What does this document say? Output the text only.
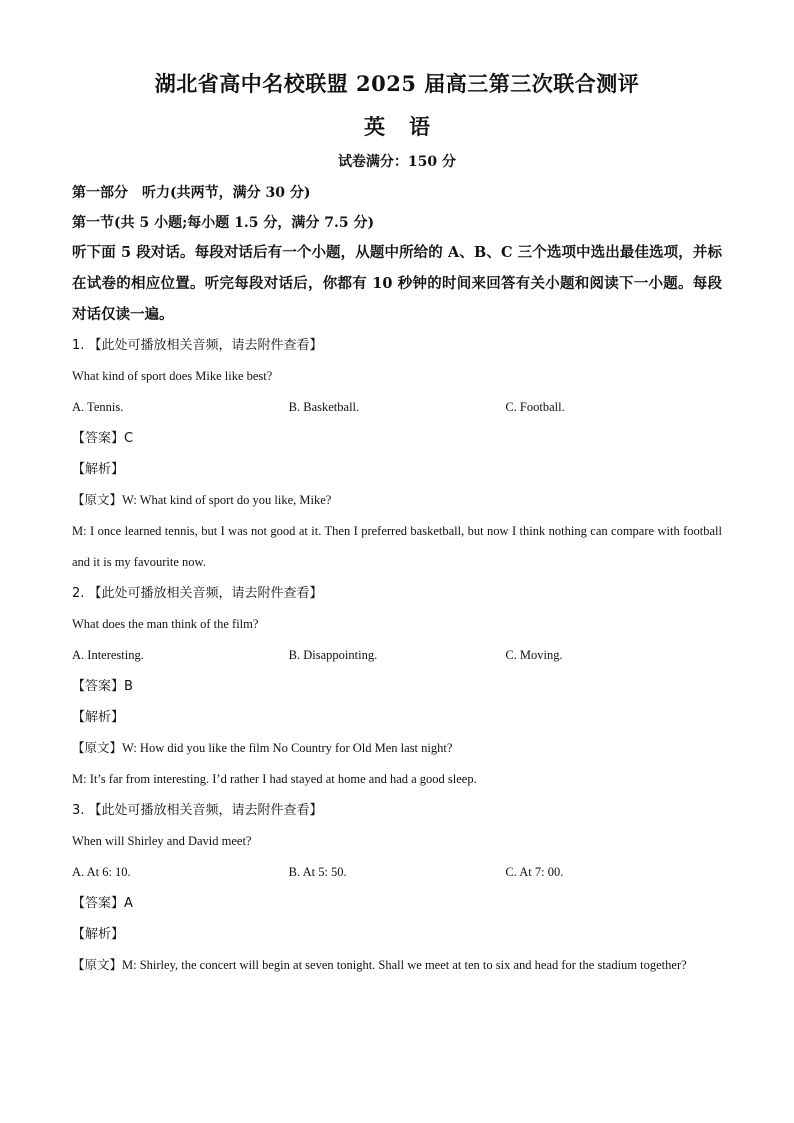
湖北省高中名校联盟 2025 届高三第三次联合测评
英 语
试卷满分：150 分
第一部分　听力(共两节，满分 30 分)
第一节(共 5 小题;每小题 1.5 分，满分 7.5 分)
听下面 5 段对话。每段对话后有一个小题，从题中所给的 A、B、C 三个选项中选出最佳选项，并标在试卷的相应位置。听完每段对话后，你都有 10 秒钟的时间来回答有关小题和阅读下一小题。每段对话仅读一遍。
1. 【此处可播放相关音频，请去附件查看】
What kind of sport does Mike like best?
A. Tennis.	B. Basketball.	C. Football.
【答案】C
【解析】
【原文】W: What kind of sport do you like, Mike?
M: I once learned tennis, but I was not good at it. Then I preferred basketball, but now I think nothing can compare with football and it is my favourite now.
2. 【此处可播放相关音频，请去附件查看】
What does the man think of the film?
A. Interesting.	B. Disappointing.	C. Moving.
【答案】B
【解析】
【原文】W: How did you like the film No Country for Old Men last night?
M: It’s far from interesting. I’d rather I had stayed at home and had a good sleep.
3. 【此处可播放相关音频，请去附件查看】
When will Shirley and David meet?
A. At 6: 10.	B. At 5: 50.	C. At 7: 00.
【答案】A
【解析】
【原文】M: Shirley, the concert will begin at seven tonight. Shall we meet at ten to six and head for the stadium together?
